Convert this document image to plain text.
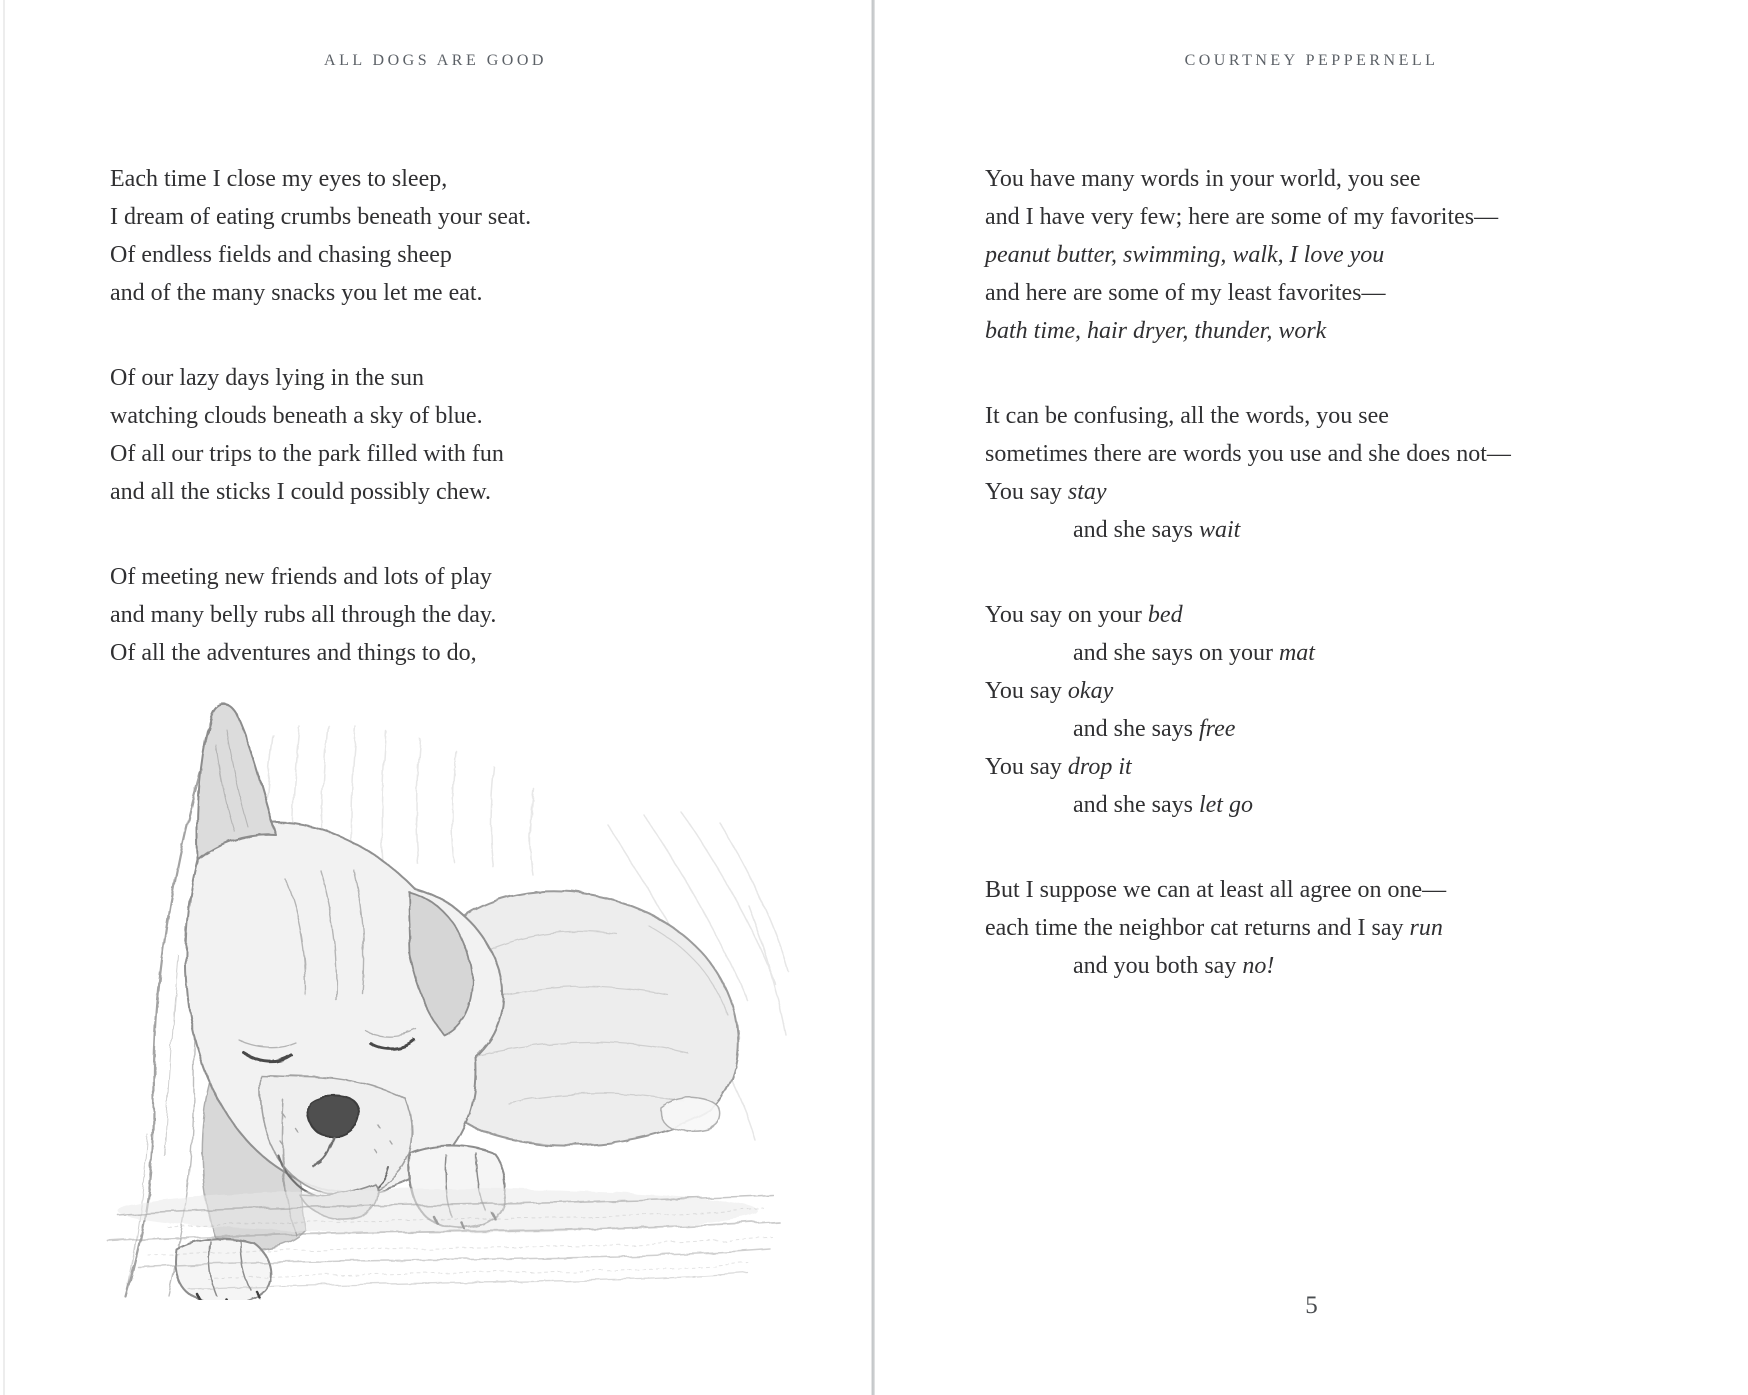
ALL DOGS ARE GOOD
Each time I close my eyes to sleep,
I dream of eating crumbs beneath your seat.
Of endless fields and chasing sheep
and of the many snacks you let me eat.
Of our lazy days lying in the sun
watching clouds beneath a sky of blue.
Of all our trips to the park filled with fun
and all the sticks I could possibly chew.
Of meeting new friends and lots of play
and many belly rubs all through the day.
Of all the adventures and things to do,
COURTNEY PEPPERNELL
You have many words in your world, you see
and I have very few; here are some of my favorites—
peanut butter, swimming, walk, I love you
and here are some of my least favorites—
bath time, hair dryer, thunder, work
It can be confusing, all the words, you see
sometimes there are words you use and she does not—
You say stay
and she says wait
You say on your bed
and she says on your mat
You say okay
and she says free
You say drop it
and she says let go
But I suppose we can at least all agree on one—
each time the neighbor cat returns and I say run
and you both say no!
5
